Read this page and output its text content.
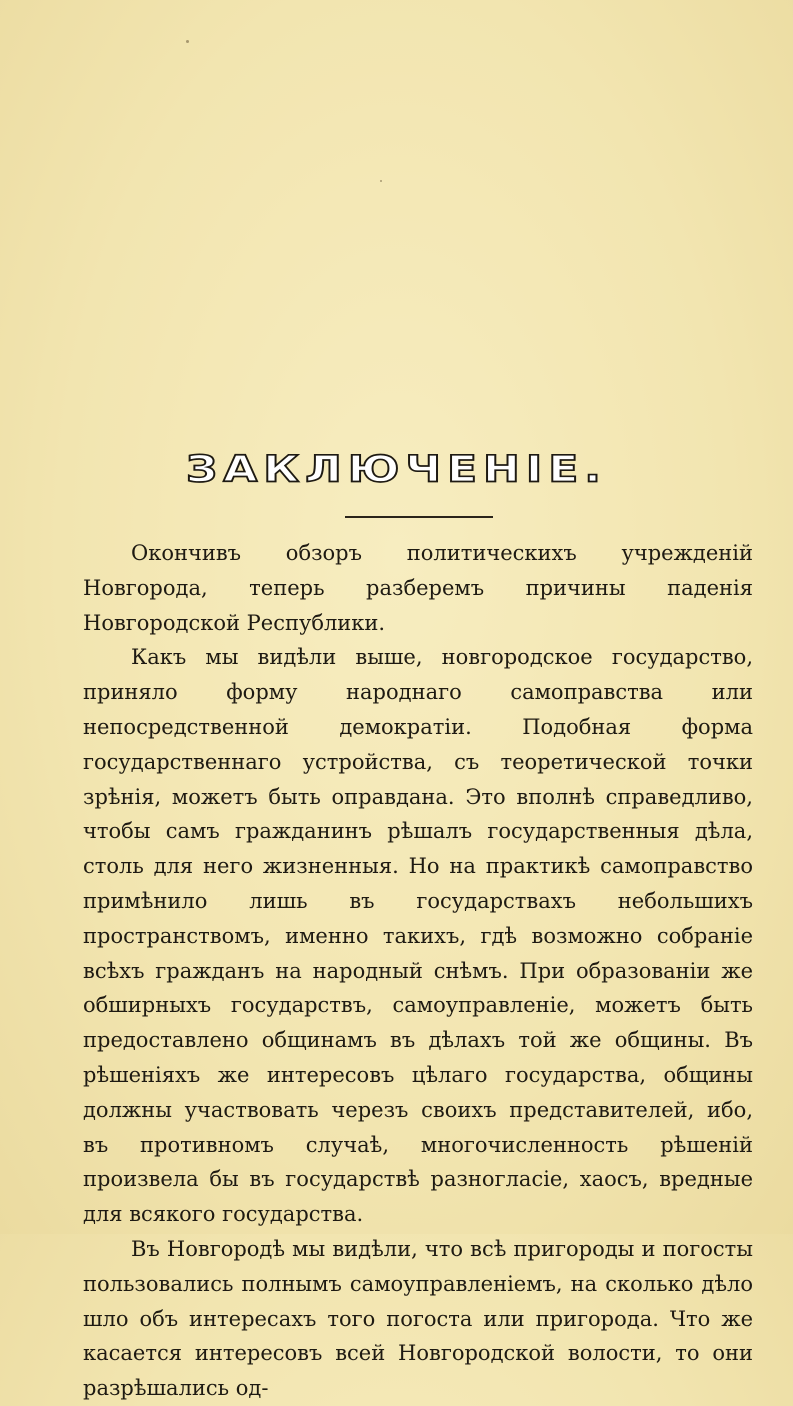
ЗАКЛЮЧЕНІЕ.

Окончивъ обзоръ политическихъ учрежденій Новгорода, теперь разберемъ причины паденія Новгородской Республики.

Какъ мы видѣли выше, новгородское государство, приняло форму народнаго самоправства или непосредственной демократіи. Подобная форма государственнаго устройства, съ теоретической точки зрѣнія, можетъ быть оправдана. Это вполнѣ справедливо, чтобы самъ гражданинъ рѣшалъ государственныя дѣла, столь для него жизненныя. Но на практикѣ самоправство примѣнило лишь въ государствахъ небольшихъ пространствомъ, именно такихъ, гдѣ возможно собраніе всѣхъ гражданъ на народный снѣмъ. При образованіи же обширныхъ государствъ, самоуправленіе, можетъ быть предоставлено общинамъ въ дѣлахъ той же общины. Въ рѣшеніяхъ же интересовъ цѣлаго государства, общины должны участвовать черезъ своихъ представителей, ибо, въ противномъ случаѣ, многочисленность рѣшеній произвела бы въ государствѣ разногласіе, хаосъ, вредные для всякого государства.

Въ Новгородѣ мы видѣли, что всѣ пригороды и погосты пользовались полнымъ самоуправленіемъ, на сколько дѣло шло объ интересахъ того погоста или пригорода. Что же касается интересовъ всей Новгородской волости, то они разрѣшались од-
